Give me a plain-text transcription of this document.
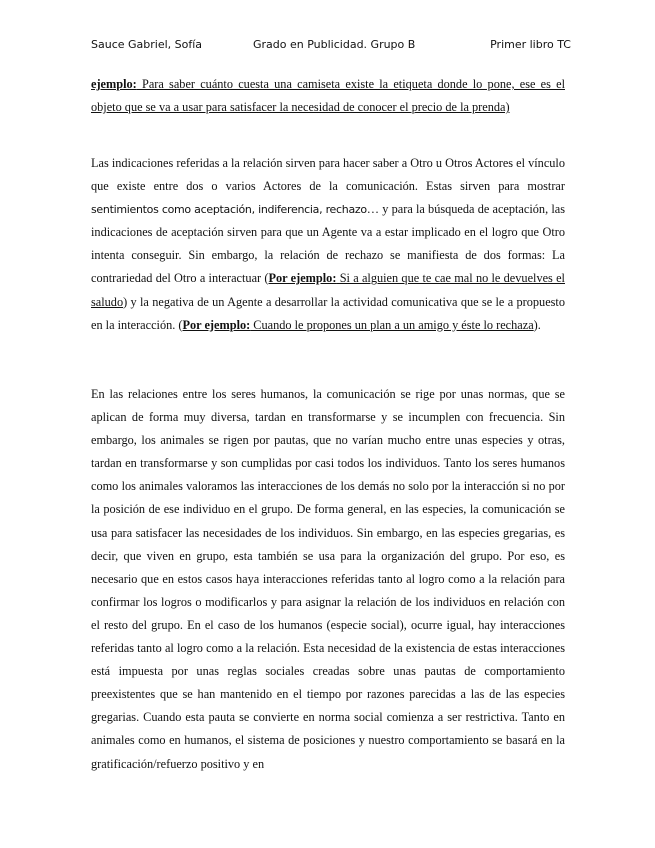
Sauce Gabriel, Sofía	Grado en Publicidad. Grupo B	Primer libro TC

ejemplo: Para saber cuánto cuesta una camiseta existe la etiqueta donde lo pone, ese es el objeto que se va a usar para satisfacer la necesidad de conocer el precio de la prenda)

Las indicaciones referidas a la relación sirven para hacer saber a Otro u Otros Actores el vínculo que existe entre dos o varios Actores de la comunicación. Estas sirven para mostrar sentimientos como aceptación, indiferencia, rechazo… y para la búsqueda de aceptación, las indicaciones de aceptación sirven para que un Agente va a estar implicado en el logro que Otro intenta conseguir. Sin embargo, la relación de rechazo se manifiesta de dos formas: La contrariedad del Otro a interactuar (Por ejemplo: Si a alguien que te cae mal no le devuelves el saludo) y la negativa de un Agente a desarrollar la actividad comunicativa que se le a propuesto en la interacción. (Por ejemplo: Cuando le propones un plan a un amigo y éste lo rechaza).

En las relaciones entre los seres humanos, la comunicación se rige por unas normas, que se aplican de forma muy diversa, tardan en transformarse y se incumplen con frecuencia. Sin embargo, los animales se rigen por pautas, que no varían mucho entre unas especies y otras, tardan en transformarse y son cumplidas por casi todos los individuos. Tanto los seres humanos como los animales valoramos las interacciones de los demás no solo por la interacción si no por la posición de ese individuo en el grupo. De forma general, en las especies, la comunicación se usa para satisfacer las necesidades de los individuos. Sin embargo, en las especies gregarias, es decir, que viven en grupo, esta también se usa para la organización del grupo. Por eso, es necesario que en estos casos haya interacciones referidas tanto al logro como a la relación para confirmar los logros o modificarlos y para asignar la relación de los individuos en relación con el resto del grupo. En el caso de los humanos (especie social), ocurre igual, hay interacciones referidas tanto al logro como a la relación. Esta necesidad de la existencia de estas interacciones está impuesta por unas reglas sociales creadas sobre unas pautas de comportamiento preexistentes que se han mantenido en el tiempo por razones parecidas a las de las especies gregarias. Cuando esta pauta se convierte en norma social comienza a ser restrictiva. Tanto en animales como en humanos, el sistema de posiciones y nuestro comportamiento se basará en la gratificación/refuerzo positivo y en
